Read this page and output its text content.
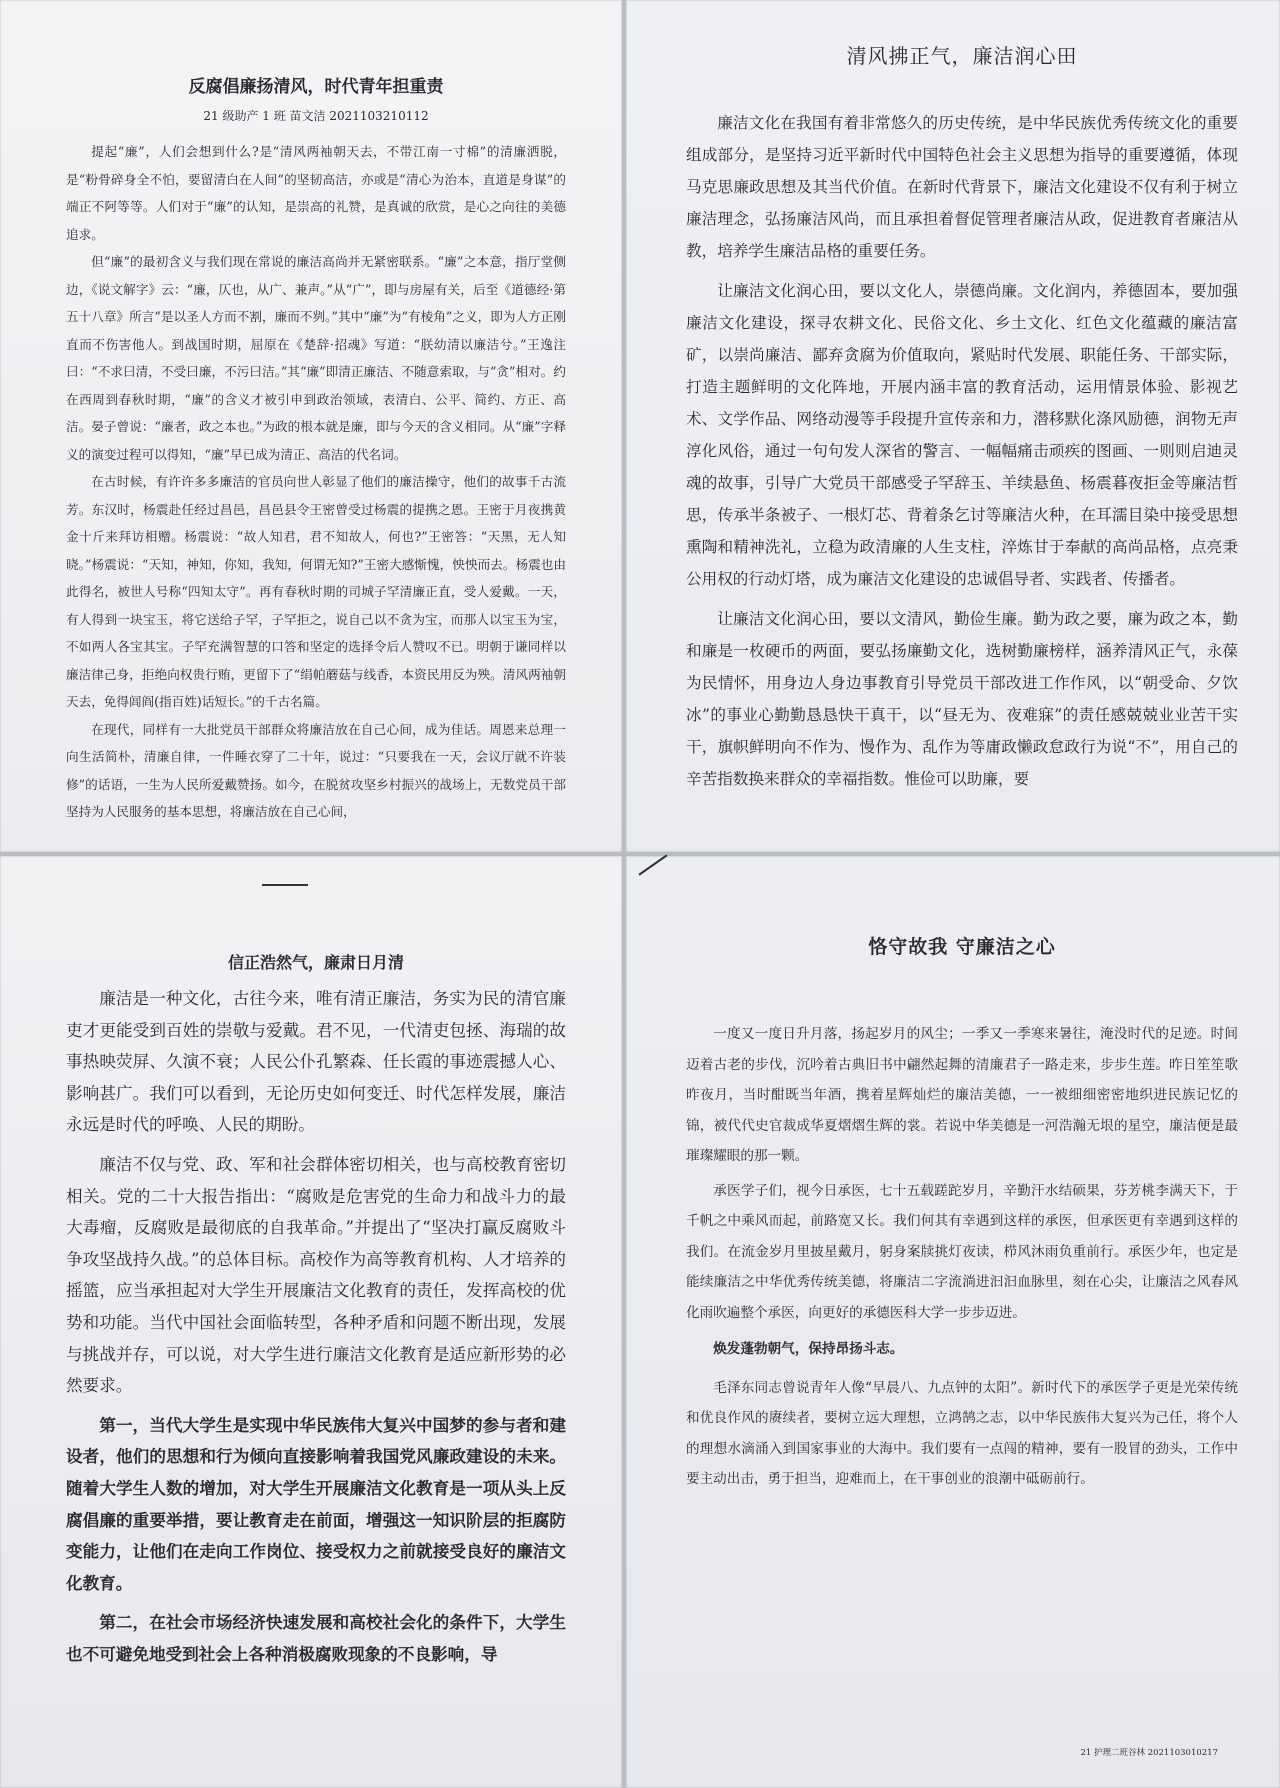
反腐倡廉扬清风，时代青年担重责
21 级助产 1 班 苗文洁 2021103210112

提起“廉”，人们会想到什么?是“清风两袖朝天去，不带江南一寸棉”的清廉洒脱，是“粉骨碎身全不怕，要留清白在人间”的坚韧高洁，亦或是“清心为治本，直道是身谋”的端正不阿等等。人们对于“廉”的认知，是崇高的礼赞，是真诚的欣赏，是心之向往的美德追求。

但“廉”的最初含义与我们现在常说的廉洁高尚并无紧密联系。“廉”之本意，指厅堂侧边，《说文解字》云：“廉，仄也，从广、兼声。”从“广”，即与房屋有关，后至《道德经·第五十八章》所言“是以圣人方而不割，廉而不刿。”其中“廉”为“有棱角”之义，即为人方正刚直而不伤害他人。到战国时期，屈原在《楚辞·招魂》写道：“朕幼清以廉洁兮。”王逸注曰：“不求曰清，不受曰廉，不污曰洁。”其“廉”即清正廉洁、不随意索取，与“贪”相对。约在西周到春秋时期，“廉”的含义才被引申到政治领域，表清白、公平、简约、方正、高洁。晏子曾说：“廉者，政之本也。”为政的根本就是廉，即与今天的含义相同。从“廉”字释义的演变过程可以得知，“廉”早已成为清正、高洁的代名词。

在古时候，有许许多多廉洁的官员向世人彰显了他们的廉洁操守，他们的故事千古流芳。东汉时，杨震赴任经过昌邑，昌邑县令王密曾受过杨震的提携之恩。王密于月夜携黄金十斤来拜访相赠。杨震说：“故人知君，君不知故人，何也?”王密答：“天黑，无人知晓。”杨震说：“天知，神知，你知，我知，何谓无知?”王密大感惭愧，怏怏而去。杨震也由此得名，被世人号称“四知太守”。再有春秋时期的司城子罕清廉正直，受人爱戴。一天，有人得到一块宝玉，将它送给子罕，子罕拒之，说自己以不贪为宝，而那人以宝玉为宝，不如两人各宝其宝。子罕充满智慧的口答和坚定的选择令后人赞叹不已。明朝于谦同样以廉洁律己身，拒绝向权贵行贿，更留下了“绢帕蘑菇与线香，本资民用反为殃。清风两袖朝天去，免得闾阎(指百姓)话短长。”的千古名篇。

在现代，同样有一大批党员干部群众将廉洁放在自己心间，成为佳话。周恩来总理一向生活简朴，清廉自律，一件睡衣穿了二十年，说过：“只要我在一天，会议厅就不许装修”的话语，一生为人民所爱戴赞扬。如今，在脱贫攻坚乡村振兴的战场上，无数党员干部坚持为人民服务的基本思想，将廉洁放在自己心间，

清风拂正气，廉洁润心田

廉洁文化在我国有着非常悠久的历史传统，是中华民族优秀传统文化的重要组成部分，是坚持习近平新时代中国特色社会主义思想为指导的重要遵循，体现马克思廉政思想及其当代价值。在新时代背景下，廉洁文化建设不仅有利于树立廉洁理念，弘扬廉洁风尚，而且承担着督促管理者廉洁从政，促进教育者廉洁从教，培养学生廉洁品格的重要任务。

让廉洁文化润心田，要以文化人，崇德尚廉。文化润内，养德固本，要加强廉洁文化建设，探寻农耕文化、民俗文化、乡土文化、红色文化蕴藏的廉洁富矿，以崇尚廉洁、鄙弃贪腐为价值取向，紧贴时代发展、职能任务、干部实际，打造主题鲜明的文化阵地，开展内涵丰富的教育活动，运用情景体验、影视艺术、文学作品、网络动漫等手段提升宣传亲和力，潜移默化涤风励德，润物无声淳化风俗，通过一句句发人深省的警言、一幅幅痛击顽疾的图画、一则则启迪灵魂的故事，引导广大党员干部感受子罕辞玉、羊续悬鱼、杨震暮夜拒金等廉洁哲思，传承半条被子、一根灯芯、背着条乞讨等廉洁火种，在耳濡目染中接受思想熏陶和精神洗礼，立稳为政清廉的人生支柱，淬炼甘于奉献的高尚品格，点亮秉公用权的行动灯塔，成为廉洁文化建设的忠诚倡导者、实践者、传播者。

让廉洁文化润心田，要以文清风，勤俭生廉。勤为政之要，廉为政之本，勤和廉是一枚硬币的两面，要弘扬廉勤文化，选树勤廉榜样，涵养清风正气，永葆为民情怀，用身边人身边事教育引导党员干部改进工作作风，以“朝受命、夕饮冰”的事业心勤勤恳恳快干真干，以“昼无为、夜难寐”的责任感兢兢业业苦干实干，旗帜鲜明向不作为、慢作为、乱作为等庸政懒政怠政行为说“不”，用自己的辛苦指数换来群众的幸福指数。惟俭可以助廉，要

信正浩然气，廉肃日月清

廉洁是一种文化，古往今来，唯有清正廉洁，务实为民的清官廉吏才更能受到百姓的崇敬与爱戴。君不见，一代清吏包拯、海瑞的故事热映荧屏、久演不衰；人民公仆孔繁森、任长霞的事迹震撼人心、影响甚广。我们可以看到，无论历史如何变迁、时代怎样发展，廉洁永远是时代的呼唤、人民的期盼。

廉洁不仅与党、政、军和社会群体密切相关，也与高校教育密切相关。党的二十大报告指出：“腐败是危害党的生命力和战斗力的最大毒瘤，反腐败是最彻底的自我革命。”并提出了“坚决打赢反腐败斗争攻坚战持久战。”的总体目标。高校作为高等教育机构、人才培养的摇篮，应当承担起对大学生开展廉洁文化教育的责任，发挥高校的优势和功能。当代中国社会面临转型，各种矛盾和问题不断出现，发展与挑战并存，可以说，对大学生进行廉洁文化教育是适应新形势的必然要求。

第一，当代大学生是实现中华民族伟大复兴中国梦的参与者和建设者，他们的思想和行为倾向直接影响着我国党风廉政建设的未来。随着大学生人数的增加，对大学生开展廉洁文化教育是一项从头上反腐倡廉的重要举措，要让教育走在前面，增强这一知识阶层的拒腐防变能力，让他们在走向工作岗位、接受权力之前就接受良好的廉洁文化教育。

第二，在社会市场经济快速发展和高校社会化的条件下，大学生也不可避免地受到社会上各种消极腐败现象的不良影响，导

恪守故我 守廉洁之心

一度又一度日升月落，扬起岁月的风尘；一季又一季寒来暑往，淹没时代的足迹。时间迈着古老的步伐，沉吟着古典旧书中翩然起舞的清廉君子一路走来，步步生莲。昨日笙笙歌昨夜月，当时酣既当年酒，携着星辉灿烂的廉洁美德，一一被细细密密地织进民族记忆的锦，被代代史官裁成华夏熠熠生辉的裳。若说中华美德是一河浩瀚无垠的星空，廉洁便是最璀璨耀眼的那一颗。

承医学子们，视今日承医，七十五载蹉跎岁月，辛勤汗水结硕果，芬芳桃李满天下，于千帆之中乘风而起，前路宽又长。我们何其有幸遇到这样的承医，但承医更有幸遇到这样的我们。在流金岁月里披星戴月，躬身案牍挑灯夜读，栉风沐雨负重前行。承医少年，也定是能续廉洁之中华优秀传统美德，将廉洁二字流淌进汩汩血脉里，刻在心尖，让廉洁之风春风化雨吹遍整个承医，向更好的承德医科大学一步步迈进。

焕发蓬勃朝气，保持昂扬斗志。

毛泽东同志曾说青年人像“早晨八、九点钟的太阳”。新时代下的承医学子更是光荣传统和优良作风的赓续者，要树立远大理想，立鸿鹄之志，以中华民族伟大复兴为己任，将个人的理想水滴涌入到国家事业的大海中。我们要有一点闯的精神，要有一股冒的劲头，工作中要主动出击，勇于担当，迎难而上，在干事创业的浪潮中砥砺前行。

21 护理二班谷林 2021103010217
